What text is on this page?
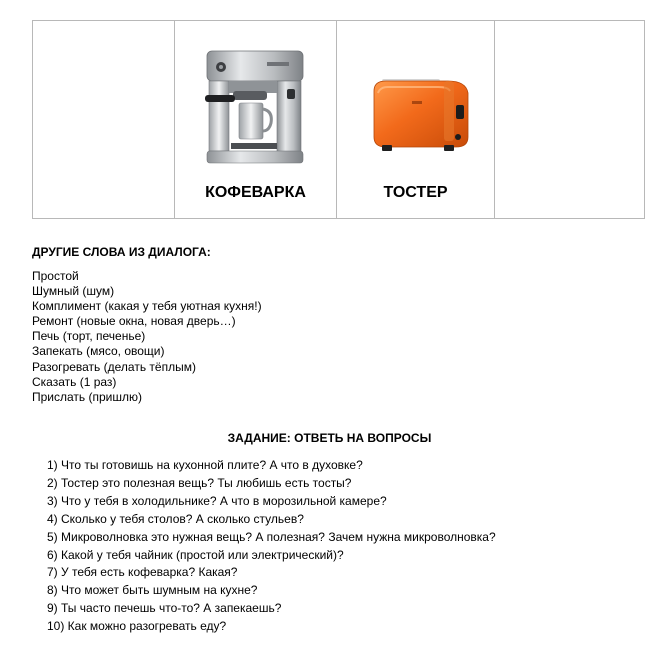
КОФЕВАРКА	ТОСТЕР
ДРУГИЕ СЛОВА ИЗ ДИАЛОГА:
Простой
Шумный (шум)
Комплимент (какая у тебя уютная кухня!)
Ремонт (новые окна, новая дверь…)
Печь (торт, печенье)
Запекать (мясо, овощи)
Разогревать (делать тёплым)
Сказать (1 раз)
Прислать (пришлю)
ЗАДАНИЕ: ОТВЕТЬ НА ВОПРОСЫ
1) Что ты готовишь на кухонной плите? А что в духовке?
2) Тостер это полезная вещь? Ты любишь есть тосты?
3) Что у тебя в холодильнике? А что в морозильной камере?
4) Сколько у тебя столов? А сколько стульев?
5) Микроволновка это нужная вещь? А полезная? Зачем нужна микроволновка?
6) Какой у тебя чайник (простой или электрический)?
7) У тебя есть кофеварка? Какая?
8) Что может быть шумным на кухне?
9) Ты часто печешь что-то? А запекаешь?
10) Как можно разогревать еду?
